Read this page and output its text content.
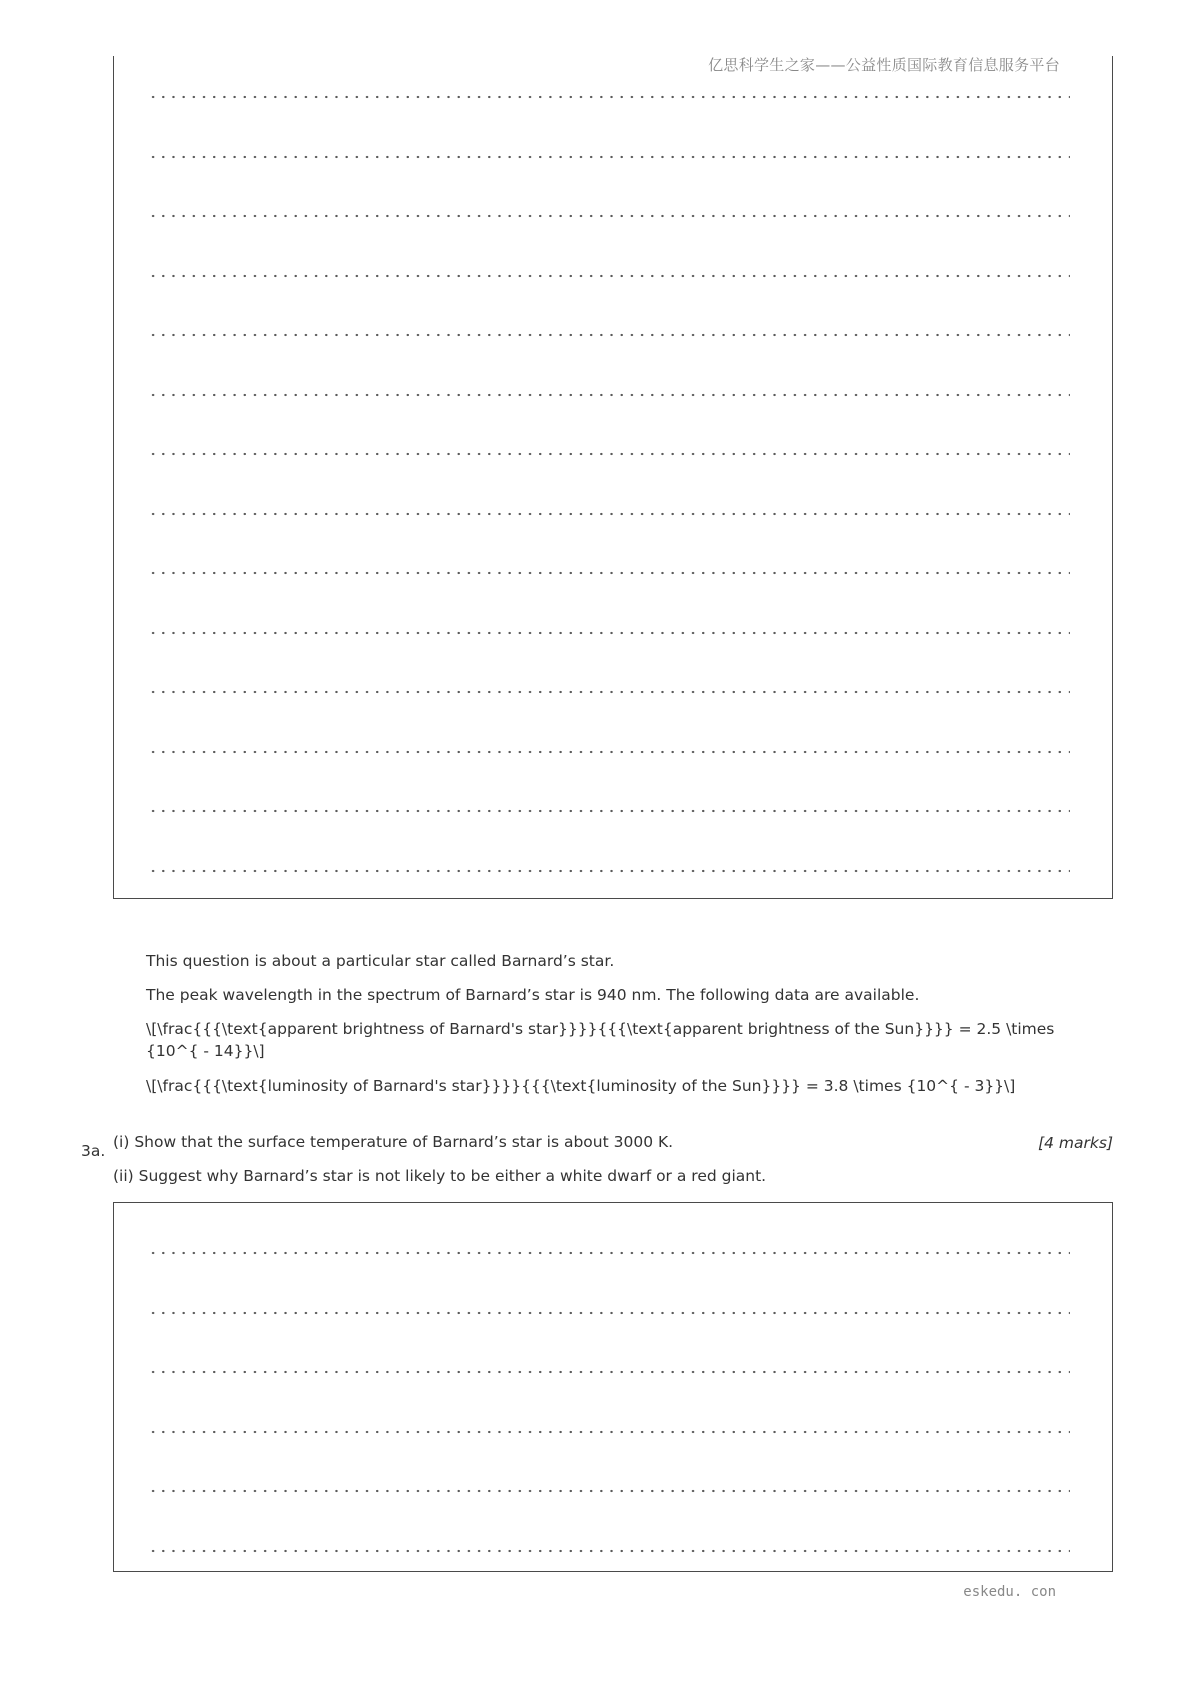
亿思科学生之家——公益性质国际教育信息服务平台
This question is about a particular star called Barnard’s star.
The peak wavelength in the spectrum of Barnard’s star is 940 nm. The following data are available.
\[\frac{{{\text{apparent brightness of Barnard's star}}}}{{{\text{apparent brightness of the Sun}}}} = 2.5 \times {10^{ - 14}}\]
\[\frac{{{\text{luminosity of Barnard's star}}}}{{{\text{luminosity of the Sun}}}} = 3.8 \times {10^{ - 3}}\]
3a. (i) Show that the surface temperature of Barnard’s star is about 3000 K.	[4 marks]
(ii) Suggest why Barnard’s star is not likely to be either a white dwarf or a red giant.
eskedu. con
